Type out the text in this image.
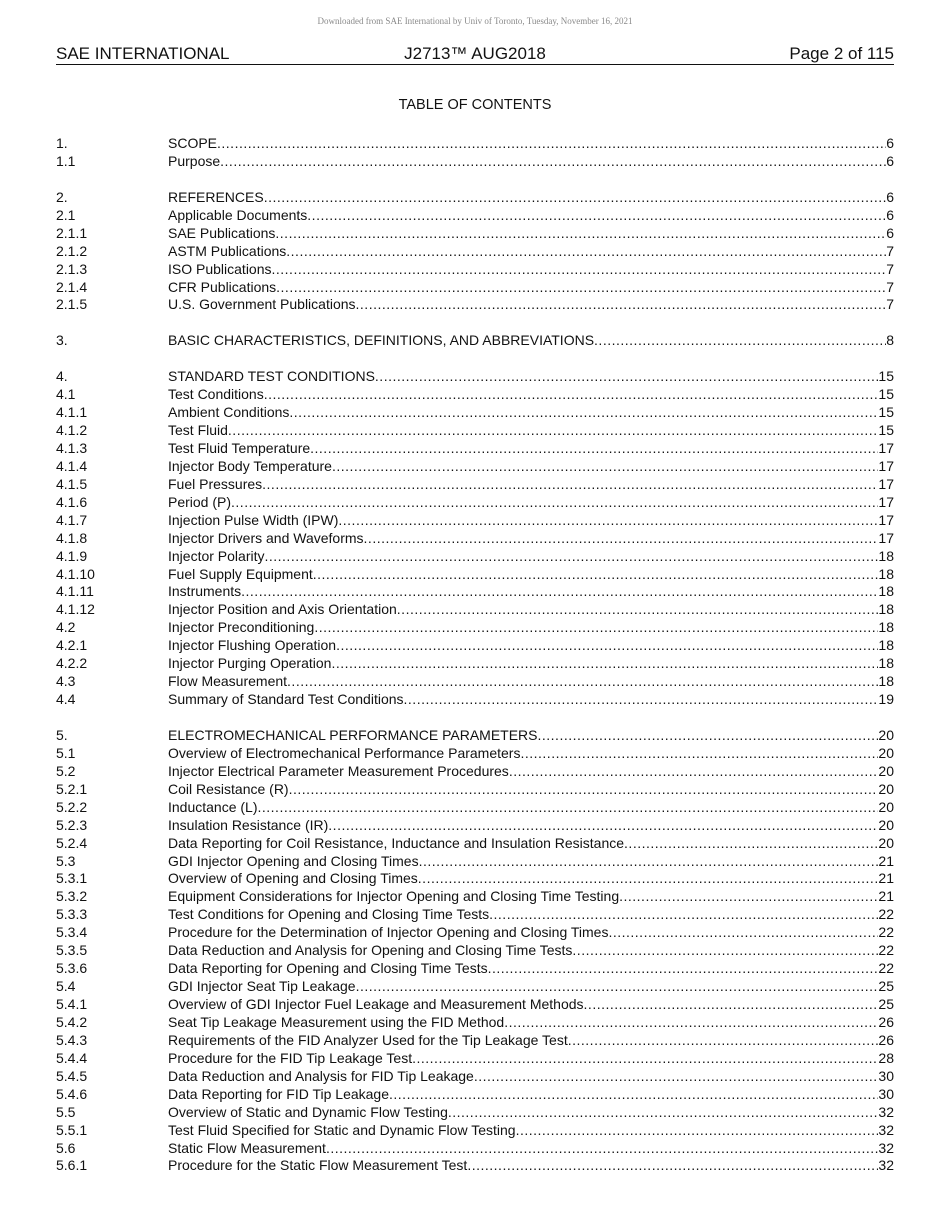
Downloaded from SAE International by Univ of Toronto, Tuesday, November 16, 2021
SAE INTERNATIONAL	J2713™ AUG2018	Page 2 of 115
TABLE OF CONTENTS
1.	SCOPE .....	6
1.1	Purpose .....	6
2.	REFERENCES .....	6
2.1	Applicable Documents .....	6
2.1.1	SAE Publications .....	6
2.1.2	ASTM Publications .....	7
2.1.3	ISO Publications .....	7
2.1.4	CFR Publications .....	7
2.1.5	U.S. Government Publications .....	7
3.	BASIC CHARACTERISTICS, DEFINITIONS, AND ABBREVIATIONS .....	8
4.	STANDARD TEST CONDITIONS .....	15
4.1	Test Conditions .....	15
4.1.1	Ambient Conditions .....	15
4.1.2	Test Fluid .....	15
4.1.3	Test Fluid Temperature .....	17
4.1.4	Injector Body Temperature .....	17
4.1.5	Fuel Pressures .....	17
4.1.6	Period (P) .....	17
4.1.7	Injection Pulse Width (IPW) .....	17
4.1.8	Injector Drivers and Waveforms .....	17
4.1.9	Injector Polarity .....	18
4.1.10	Fuel Supply Equipment .....	18
4.1.11	Instruments .....	18
4.1.12	Injector Position and Axis Orientation .....	18
4.2	Injector Preconditioning .....	18
4.2.1	Injector Flushing Operation .....	18
4.2.2	Injector Purging Operation .....	18
4.3	Flow Measurement .....	18
4.4	Summary of Standard Test Conditions .....	19
5.	ELECTROMECHANICAL PERFORMANCE PARAMETERS .....	20
5.1	Overview of Electromechanical Performance Parameters .....	20
5.2	Injector Electrical Parameter Measurement Procedures .....	20
5.2.1	Coil Resistance (R) .....	20
5.2.2	Inductance (L) .....	20
5.2.3	Insulation Resistance (IR) .....	20
5.2.4	Data Reporting for Coil Resistance, Inductance and Insulation Resistance .....	20
5.3	GDI Injector Opening and Closing Times .....	21
5.3.1	Overview of Opening and Closing Times .....	21
5.3.2	Equipment Considerations for Injector Opening and Closing Time Testing .....	21
5.3.3	Test Conditions for Opening and Closing Time Tests .....	22
5.3.4	Procedure for the Determination of Injector Opening and Closing Times .....	22
5.3.5	Data Reduction and Analysis for Opening and Closing Time Tests .....	22
5.3.6	Data Reporting for Opening and Closing Time Tests .....	22
5.4	GDI Injector Seat Tip Leakage .....	25
5.4.1	Overview of GDI Injector Fuel Leakage and Measurement Methods .....	25
5.4.2	Seat Tip Leakage Measurement using the FID Method .....	26
5.4.3	Requirements of the FID Analyzer Used for the Tip Leakage Test .....	26
5.4.4	Procedure for the FID Tip Leakage Test .....	28
5.4.5	Data Reduction and Analysis for FID Tip Leakage .....	30
5.4.6	Data Reporting for FID Tip Leakage .....	30
5.5	Overview of Static and Dynamic Flow Testing .....	32
5.5.1	Test Fluid Specified for Static and Dynamic Flow Testing .....	32
5.6	Static Flow Measurement .....	32
5.6.1	Procedure for the Static Flow Measurement Test .....	32
